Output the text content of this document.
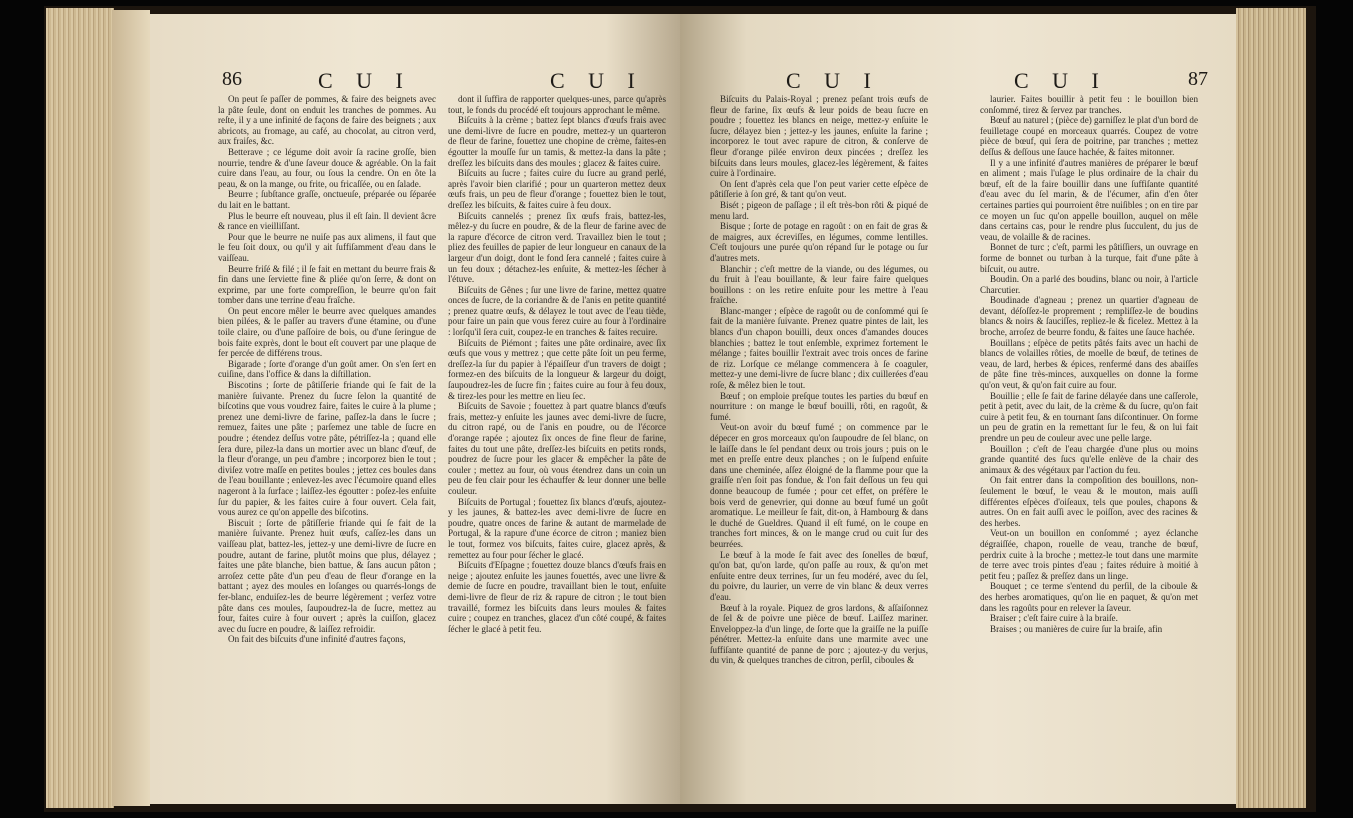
86	C U I	C U I

On peut ſe paſſer de pommes, & faire des beignets avec la pâte ſeule, dont on enduit les tranches de pommes. Au reſte, il y a une infinité de façons de faire des beignets ; aux abricots, au fromage, au café, au chocolat, au citron verd, aux fraiſes, &c.

Betterave ; ce légume doit avoir ſa racine groſſe, bien nourrie, tendre & d'une ſaveur douce & agréable. On la fait cuire dans l'eau, au four, ou ſous la cendre. On en ôte la peau, & on la mange, ou frite, ou fricaſſée, ou en ſalade.

Beurre ; ſubſtance graſſe, onctueuſe, préparée ou ſéparée du lait en le battant.

Plus le beurre eſt nouveau, plus il eſt ſain. Il devient âcre & rance en vieilliſſant.

Pour que le beurre ne nuiſe pas aux alimens, il faut que le feu ſoit doux, ou qu'il y ait ſuffiſamment d'eau dans le vaiſſeau.

Beurre friſé & filé ; il ſe fait en mettant du beurre frais & fin dans une ſerviette fine & pliée qu'on ſerre, & dont on exprime, par une forte compreſſion, le beurre qu'on fait tomber dans une terrine d'eau fraîche.

On peut encore mêler le beurre avec quelques amandes bien pilées, & le paſſer au travers d'une étamine, ou d'une toile claire, ou d'une paſſoire de bois, ou d'une ſeringue de bois faite exprès, dont le bout eſt couvert par une plaque de fer percée de différens trous.

Bigarade ; ſorte d'orange d'un goût amer. On s'en ſert en cuiſine, dans l'office & dans la diſtillation.

Biscotins ; ſorte de pâtiſſerie friande qui ſe fait de la manière ſuivante. Prenez du ſucre ſelon la quantité de biſcotins que vous voudrez faire, faites le cuire à la plume ; prenez une demi-livre de farine, paſſez-la dans le ſucre ; remuez, faites une pâte ; parſemez une table de ſucre en poudre ; étendez deſſus votre pâte, pétriſſez-la ; quand elle ſera dure, pilez-la dans un mortier avec un blanc d'œuf, de la fleur d'orange, un peu d'ambre ; incorporez bien le tout ; diviſez votre maſſe en petites boules ; jettez ces boules dans de l'eau bouillante ; enlevez-les avec l'écumoire quand elles nageront à la ſurface ; laiſſez-les égoutter : poſez-les enſuite ſur du papier, & les faites cuire à four ouvert. Cela fait, vous aurez ce qu'on appelle des biſcotins.

Biscuit ; ſorte de pâtiſſerie friande qui ſe fait de la manière ſuivante. Prenez huit œufs, caſſez-les dans un vaiſſeau plat, battez-les, jettez-y une demi-livre de ſucre en poudre, autant de farine, plutôt moins que plus, délayez ; faites une pâte blanche, bien battue, & ſans aucun pâton ; arroſez cette pâte d'un peu d'eau de fleur d'orange en la battant ; ayez des moules en loſanges ou quarrés-longs de fer-blanc, enduiſez-les de beurre légèrement ; verſez votre pâte dans ces moules, ſaupoudrez-la de ſucre, mettez au four, faites cuire à four ouvert ; après la cuiſſon, glacez avec du ſucre en poudre, & laiſſez refroidir.

On fait des biſcuits d'une infinité d'autres façons,

dont il ſuffira de rapporter quelques-unes, parce qu'après tout, le fonds du procédé eſt toujours approchant le même.

Biſcuits à la crème ; battez ſept blancs d'œufs frais avec une demi-livre de ſucre en poudre, mettez-y un quarteron de fleur de farine, fouettez une chopine de crème, faites-en égoutter la mouſſe ſur un tamis, & mettez-la dans la pâte ; dreſſez les biſcuits dans des moules ; glacez & faites cuire.

Biſcuits au ſucre ; faites cuire du ſucre au grand perlé, après l'avoir bien clarifié ; pour un quarteron mettez deux œufs frais, un peu de fleur d'orange ; fouettez bien le tout, dreſſez les biſcuits, & faites cuire à feu doux.

Biſcuits cannelés ; prenez ſix œufs frais, battez-les, mêlez-y du ſucre en poudre, & de la fleur de farine avec de la rapure d'écorce de citron verd. Travaillez bien le tout ; pliez des feuilles de papier de leur longueur en canaux de la largeur d'un doigt, dont le fond ſera cannelé ; faites cuire à un feu doux ; détachez-les enſuite, & mettez-les ſécher à l'étuve.

Biſcuits de Gênes ; ſur une livre de farine, mettez quatre onces de ſucre, de la coriandre & de l'anis en petite quantité ; prenez quatre œufs, & délayez le tout avec de l'eau tiède, pour faire un pain que vous ferez cuire au four à l'ordinaire : lorſqu'il ſera cuit, coupez-le en tranches & faites recuire.

Biſcuits de Piémont ; faites une pâte ordinaire, avec ſix œufs que vous y mettrez ; que cette pâte ſoit un peu ferme, dreſſez-la ſur du papier à l'épaiſſeur d'un travers de doigt ; formez-en des biſcuits de la longueur & largeur du doigt, ſaupoudrez-les de ſucre fin ; faites cuire au four à feu doux, & tirez-les pour les mettre en lieu ſec.

Biſcuits de Savoie ; fouettez à part quatre blancs d'œufs frais, mettez-y enſuite les jaunes avec demi-livre de ſucre, du citron rapé, ou de l'anis en poudre, ou de l'écorce d'orange rapée ; ajoutez ſix onces de fine fleur de farine, faites du tout une pâte, dreſſez-les biſcuits en petits ronds, poudrez de ſucre pour les glacer & empêcher la pâte de couler ; mettez au four, où vous étendrez dans un coin un peu de feu clair pour les échauffer & leur donner une belle couleur.

Biſcuits de Portugal ; fouettez ſix blancs d'œufs, ajoutez-y les jaunes, & battez-les avec demi-livre de ſucre en poudre, quatre onces de farine & autant de marmelade de Portugal, & la rapure d'une écorce de citron ; maniez bien le tout, formez vos biſcuits, faites cuire, glacez après, & remettez au four pour ſécher le glacé.

Biſcuits d'Eſpagne ; fouettez douze blancs d'œufs frais en neige ; ajoutez enſuite les jaunes fouettés, avec une livre & demie de ſucre en poudre, travaillant bien le tout, enſuite demi-livre de fleur de riz & rapure de citron ; le tout bien travaillé, formez les biſcuits dans leurs moules & faites cuire ; coupez en tranches, glacez d'un côté coupé, & faites ſécher le glacé à petit feu.

C U I	C U I	87

Biſcuits du Palais-Royal ; prenez peſant trois œufs de fleur de farine, ſix œufs & leur poids de beau ſucre en poudre ; fouettez les blancs en neige, mettez-y enſuite le ſucre, délayez bien ; jettez-y les jaunes, enſuite la farine ; incorporez le tout avec rapure de citron, & conſerve de fleur d'orange pilée environ deux pincées ; dreſſez les biſcuits dans leurs moules, glacez-les légèrement, & faites cuire à l'ordinaire.

On ſent d'après cela que l'on peut varier cette eſpèce de pâtiſſerie à ſon gré, & tant qu'on veut.

Bisét ; pigeon de paſſage ; il eſt très-bon rôti & piqué de menu lard.

Bisque ; ſorte de potage en ragoût : on en fait de gras & de maigres, aux écreviſſes, en légumes, comme lentilles. C'eſt toujours une purée qu'on répand ſur le potage ou ſur d'autres mets.

Blanchir ; c'eſt mettre de la viande, ou des légumes, ou du fruit à l'eau bouillante, & leur faire faire quelques bouillons : on les retire enſuite pour les mettre à l'eau fraîche.

Blanc-manger ; eſpèce de ragoût ou de conſommé qui ſe fait de la manière ſuivante. Prenez quatre pintes de lait, les blancs d'un chapon bouilli, deux onces d'amandes douces blanchies ; battez le tout enſemble, exprimez fortement le mélange ; faites bouillir l'extrait avec trois onces de farine de riz. Lorſque ce mélange commencera à ſe coaguler, mettez-y une demi-livre de ſucre blanc ; dix cuillerées d'eau roſe, & mêlez bien le tout.

Bœuf ; on emploie preſque toutes les parties du bœuf en nourriture : on mange le bœuf bouilli, rôti, en ragoût, & fumé.

Veut-on avoir du bœuf fumé ; on commence par le dépecer en gros morceaux qu'on ſaupoudre de ſel blanc, on le laiſſe dans le ſel pendant deux ou trois jours ; puis on le met en preſſe entre deux planches ; on le ſuſpend enſuite dans une cheminée, aſſez éloigné de la flamme pour que la graiſſe n'en ſoit pas fondue, & l'on fait deſſous un feu qui donne beaucoup de fumée ; pour cet effet, on préfère le bois verd de genevrier, qui donne au bœuf fumé un goût aromatique. Le meilleur ſe fait, dit-on, à Hambourg & dans le duché de Gueldres. Quand il eſt fumé, on le coupe en tranches fort minces, & on le mange crud ou cuit ſur des beurrées.

Le bœuf à la mode ſe fait avec des ſonelles de bœuf, qu'on bat, qu'on larde, qu'on paſſe au roux, & qu'on met enſuite entre deux terrines, ſur un feu modéré, avec du ſel, du poivre, du laurier, un verre de vin blanc & deux verres d'eau.

Bœuf à la royale. Piquez de gros lardons, & aſſaiſonnez de ſel & de poivre une pièce de bœuf. Laiſſez mariner. Enveloppez-la d'un linge, de ſorte que la graiſſe ne la puiſſe pénétrer. Mettez-la enſuite dans une marmite avec une ſuffiſante quantité de panne de porc ; ajoutez-y du verjus, du vin, & quelques tranches de citron, perſil, ciboules &

laurier. Faites bouillir à petit feu : le bouillon bien conſommé, tirez & ſervez par tranches.

Bœuf au naturel ; (pièce de) garniſſez le plat d'un bord de feuilletage coupé en morceaux quarrés. Coupez de votre pièce de bœuf, qui ſera de poitrine, par tranches ; mettez deſſus & deſſous une ſauce hachée, & faites mitonner.

Il y a une infinité d'autres manières de préparer le bœuf en aliment ; mais l'uſage le plus ordinaire de la chair du bœuf, eſt de la faire bouillir dans une ſuffiſante quantité d'eau avec du ſel marin, & de l'écumer, afin d'en ôter certaines parties qui pourroient être nuiſibles ; on en tire par ce moyen un ſuc qu'on appelle bouillon, auquel on mêle dans certains cas, pour le rendre plus ſucculent, du jus de veau, de volaille & de racines.

Bonnet de turc ; c'eſt, parmi les pâtiſſiers, un ouvrage en forme de bonnet ou turban à la turque, fait d'une pâte à biſcuit, ou autre.

Boudin. On a parlé des boudins, blanc ou noir, à l'article Charcutier.

Boudinade d'agneau ; prenez un quartier d'agneau de devant, déſoſſez-le proprement ; rempliſſez-le de boudins blancs & noirs & ſauciſſes, repliez-le & ficelez. Mettez à la broche, arroſez de beurre fondu, & faites une ſauce hachée.

Bouillans ; eſpèce de petits pâtés faits avec un hachi de blancs de volailles rôties, de moelle de bœuf, de tetines de veau, de lard, herbes & épices, renfermé dans des abaiſſes de pâte fine très-minces, auxquelles on donne la forme qu'on veut, & qu'on fait cuire au four.

Bouillie ; elle ſe fait de farine délayée dans une caſſerole, petit à petit, avec du lait, de la crème & du ſucre, qu'on fait cuire à petit feu, & en tournant ſans diſcontinuer. On forme un peu de gratin en la remettant ſur le feu, & on lui fait prendre un peu de couleur avec une pelle large.

Bouillon ; c'eſt de l'eau chargée d'une plus ou moins grande quantité des ſucs qu'elle enlève de la chair des animaux & des végétaux par l'action du feu.

On fait entrer dans la compoſition des bouillons, non-ſeulement le bœuf, le veau & le mouton, mais auſſi différentes eſpèces d'oiſeaux, tels que poules, chapons & autres. On en fait auſſi avec le poiſſon, avec des racines & des herbes.

Veut-on un bouillon en conſommé ; ayez éclanche dégraiſſée, chapon, rouelle de veau, tranche de bœuf, perdrix cuite à la broche ; mettez-le tout dans une marmite de terre avec trois pintes d'eau ; faites réduire à moitié à petit feu ; paſſez & preſſez dans un linge.

Bouquet ; ce terme s'entend du perſil, de la ciboule & des herbes aromatiques, qu'on lie en paquet, & qu'on met dans les ragoûts pour en relever la ſaveur.

Braiser ; c'eſt faire cuire à la braiſe.

Braises ; ou manières de cuire ſur la braiſe, afin
